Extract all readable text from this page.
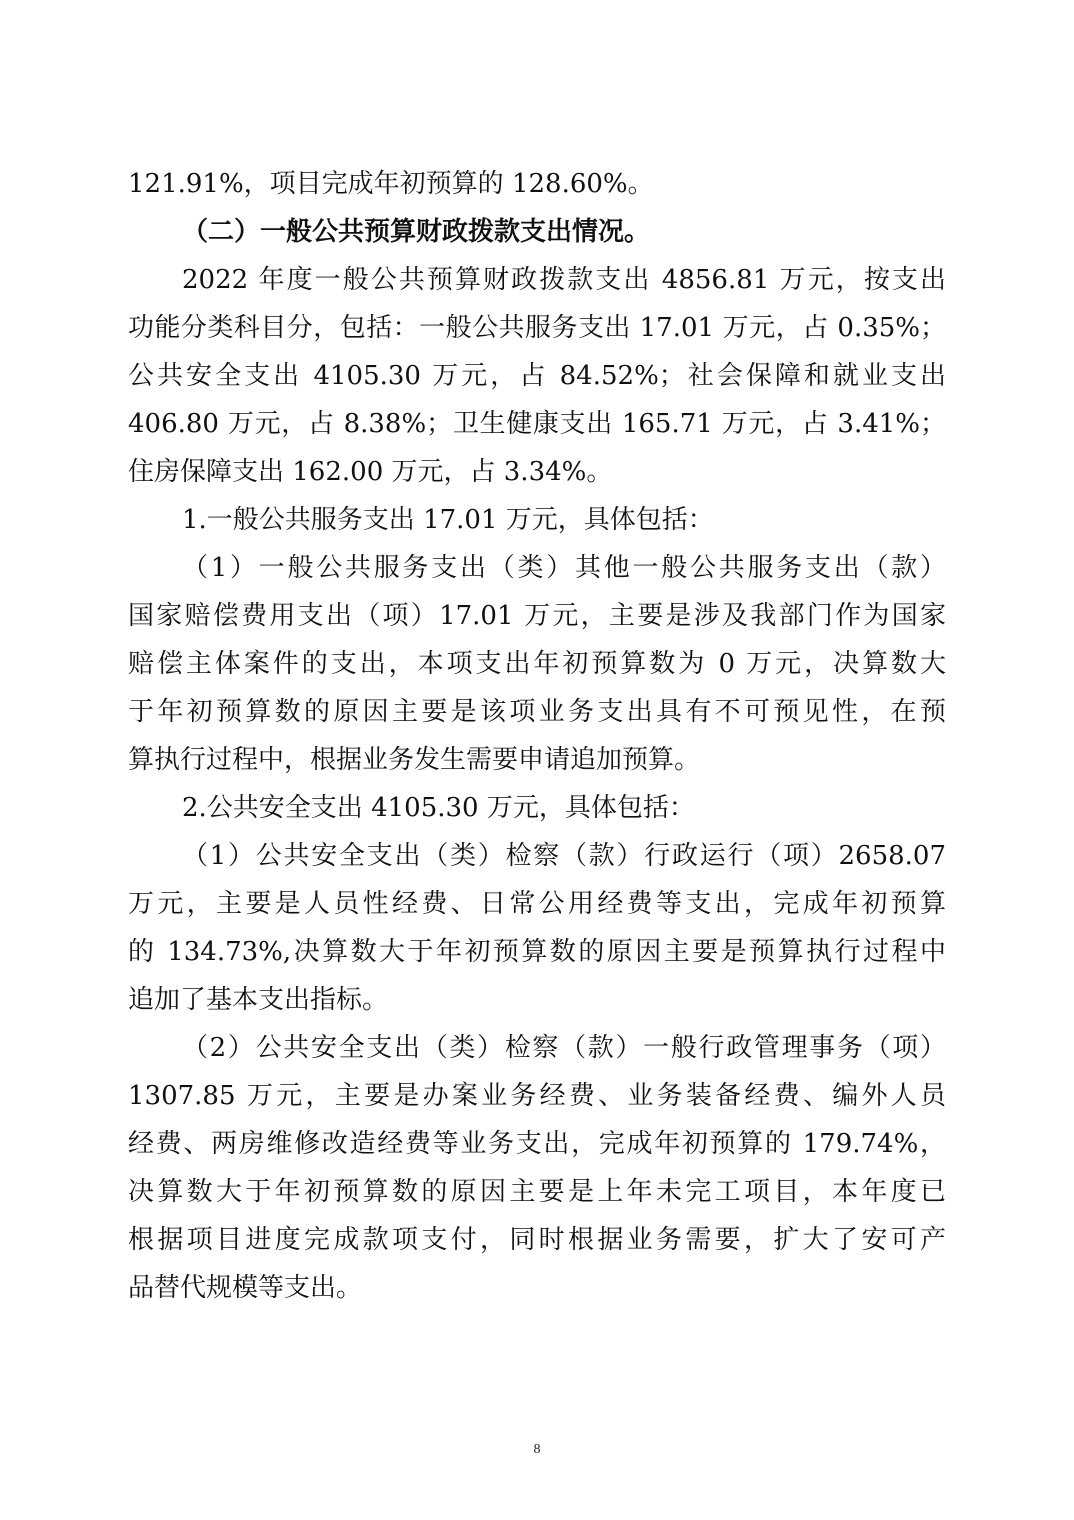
121.91%，项目完成年初预算的 128.60%。

（二）一般公共预算财政拨款支出情况。

2022 年度一般公共预算财政拨款支出 4856.81 万元，按支出

功能分类科目分，包括：一般公共服务支出 17.01 万元，占 0.35%；

公共安全支出 4105.30 万元，占 84.52%；社会保障和就业支出

406.80 万元，占 8.38%；卫生健康支出 165.71 万元，占 3.41%；

住房保障支出 162.00 万元，占 3.34%。

1.一般公共服务支出 17.01 万元，具体包括：

（1）一般公共服务支出（类）其他一般公共服务支出（款）

国家赔偿费用支出（项）17.01 万元，主要是涉及我部门作为国家

赔偿主体案件的支出，本项支出年初预算数为 0 万元，决算数大

于年初预算数的原因主要是该项业务支出具有不可预见性，在预

算执行过程中，根据业务发生需要申请追加预算。

2.公共安全支出 4105.30 万元，具体包括：

（1）公共安全支出（类）检察（款）行政运行（项）2658.07

万元，主要是人员性经费、日常公用经费等支出，完成年初预算

的 134.73%,决算数大于年初预算数的原因主要是预算执行过程中

追加了基本支出指标。

（2）公共安全支出（类）检察（款）一般行政管理事务（项）

1307.85 万元，主要是办案业务经费、业务装备经费、编外人员

经费、两房维修改造经费等业务支出，完成年初预算的 179.74%，

决算数大于年初预算数的原因主要是上年未完工项目，本年度已

根据项目进度完成款项支付，同时根据业务需要，扩大了安可产

品替代规模等支出。

8
